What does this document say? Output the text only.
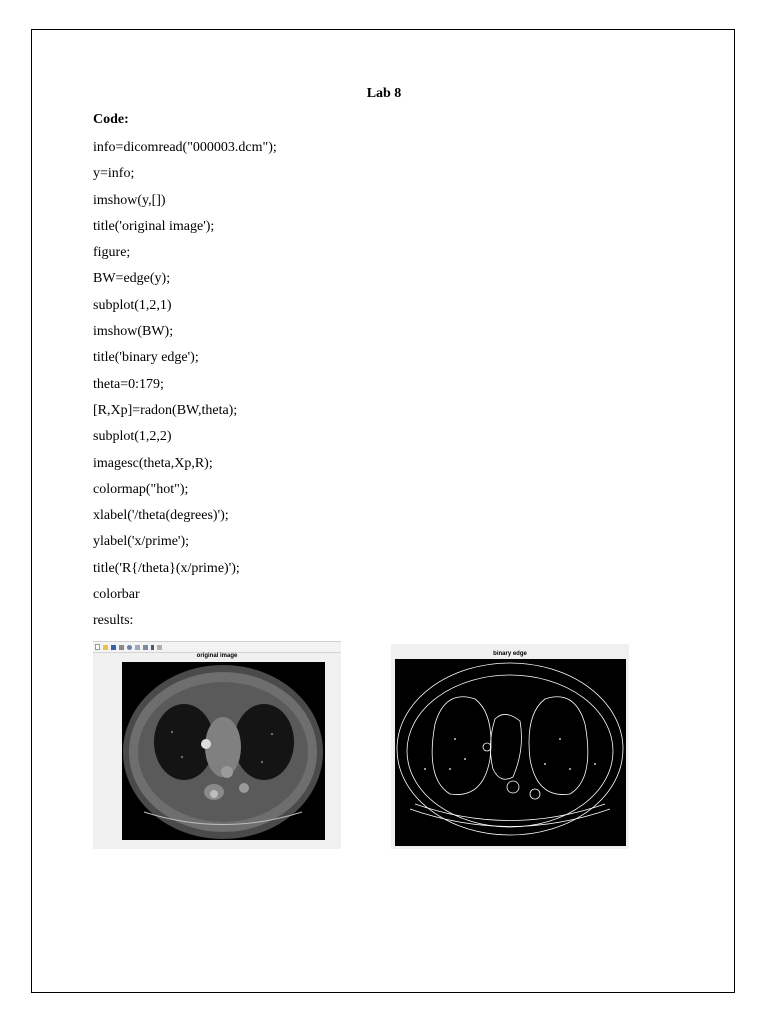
Lab 8
Code:
info=dicomread("000003.dcm");
y=info;
imshow(y,[])
title('original image');
figure;
BW=edge(y);
subplot(1,2,1)
imshow(BW);
title('binary edge');
theta=0:179;
[R,Xp]=radon(BW,theta);
subplot(1,2,2)
imagesc(theta,Xp,R);
colormap("hot");
xlabel('/theta(degrees)');
ylabel('x/prime');
title('R{/theta}(x/prime)');
colorbar
results:
original image	binary edge
